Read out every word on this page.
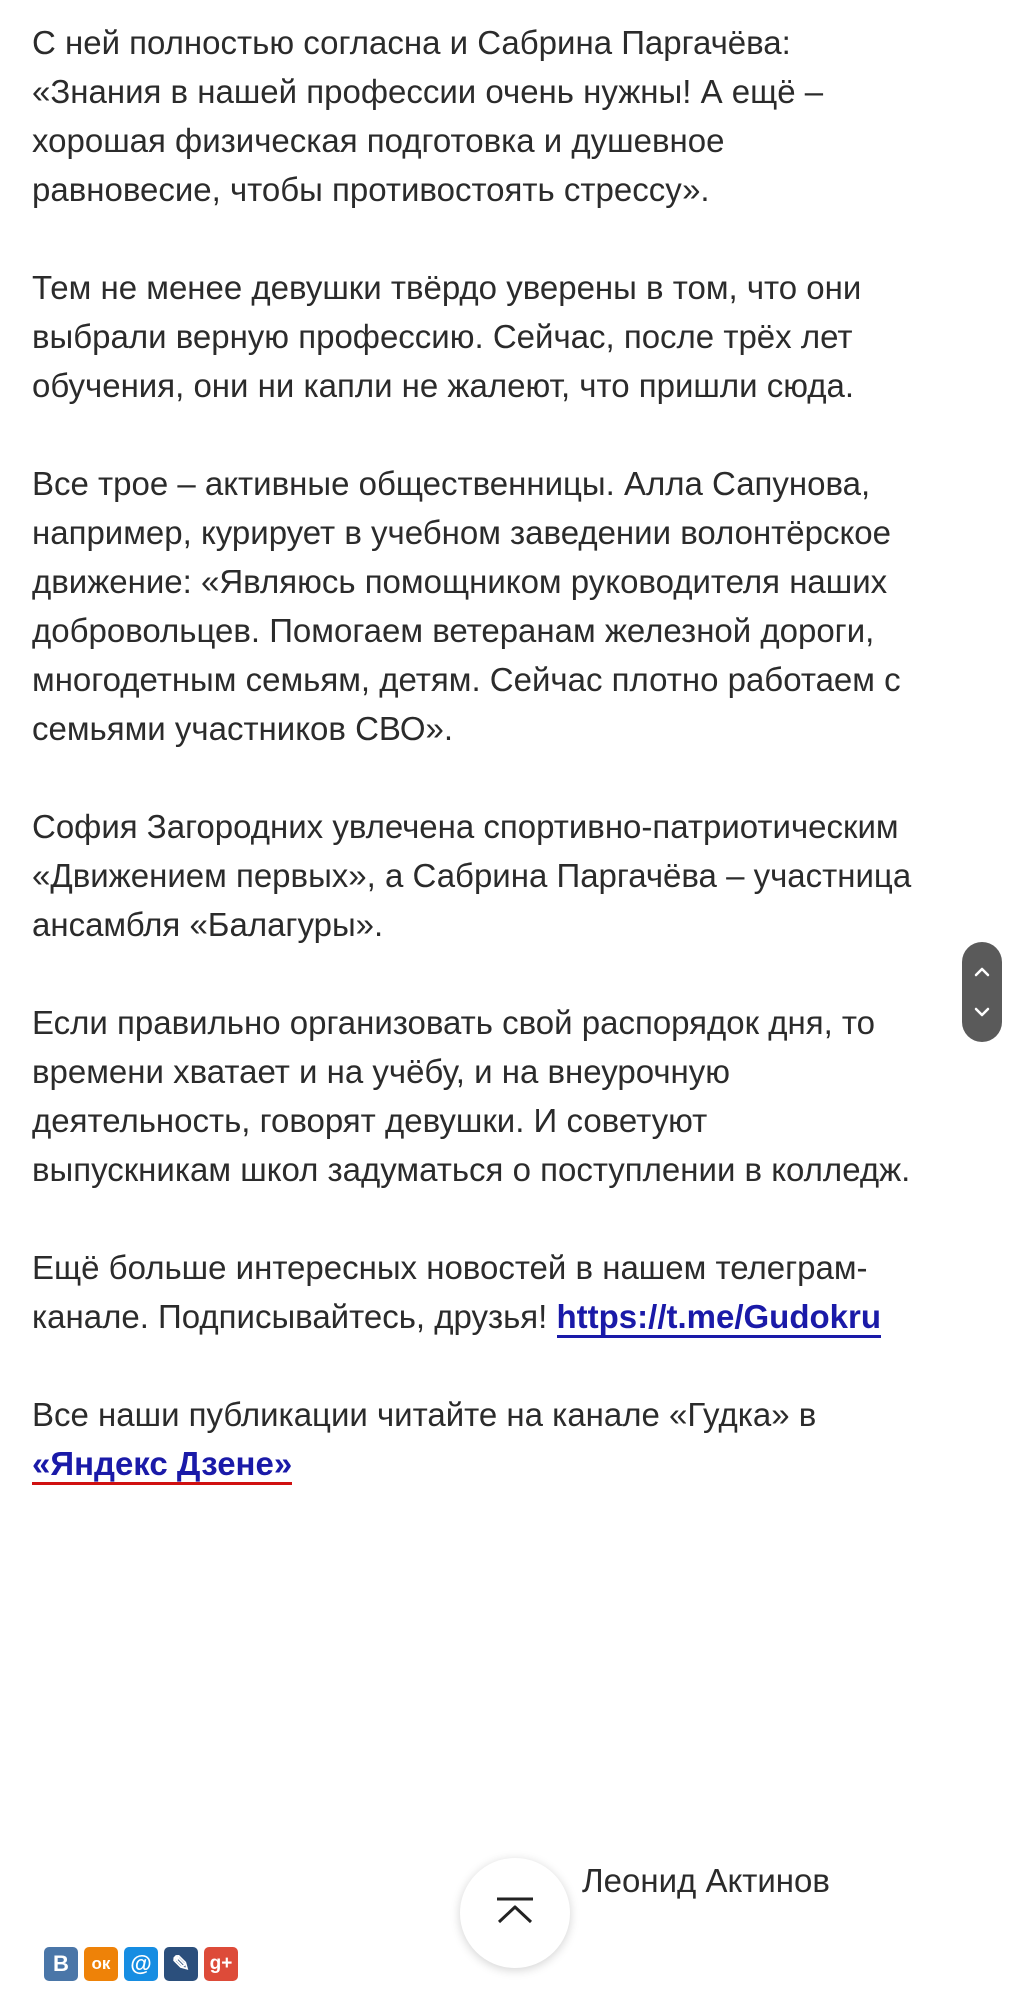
С ней полностью согласна и Сабрина Паргачёва: «Знания в нашей профессии очень нужны! А ещё – хорошая физическая подготовка и душевное равновесие, чтобы противостоять стрессу».

Тем не менее девушки твёрдо уверены в том, что они выбрали верную профессию. Сейчас, после трёх лет обучения, они ни капли не жалеют, что пришли сюда.

Все трое – активные общественницы. Алла Сапунова, например, курирует в учебном заведении волонтёрское движение: «Являюсь помощником руководителя наших добровольцев. Помогаем ветеранам железной дороги, многодетным семьям, детям. Сейчас плотно работаем с семьями участников СВО».

София Загородних увлечена спортивно-патриотическим «Движением первых», а Сабрина Паргачёва – участница ансамбля «Балагуры».

Если правильно организовать свой распорядок дня, то времени хватает и на учёбу, и на внеурочную деятельность, говорят девушки. И советуют выпускникам школ задуматься о поступлении в колледж.

Ещё больше интересных новостей в нашем телеграм-канале. Подписывайтесь, друзья! https://t.me/Gudokru

Все наши публикации читайте на канале «Гудка» в «Яндекс Дзене»

Леонид Актинов
В	ок @ ✎	g+
